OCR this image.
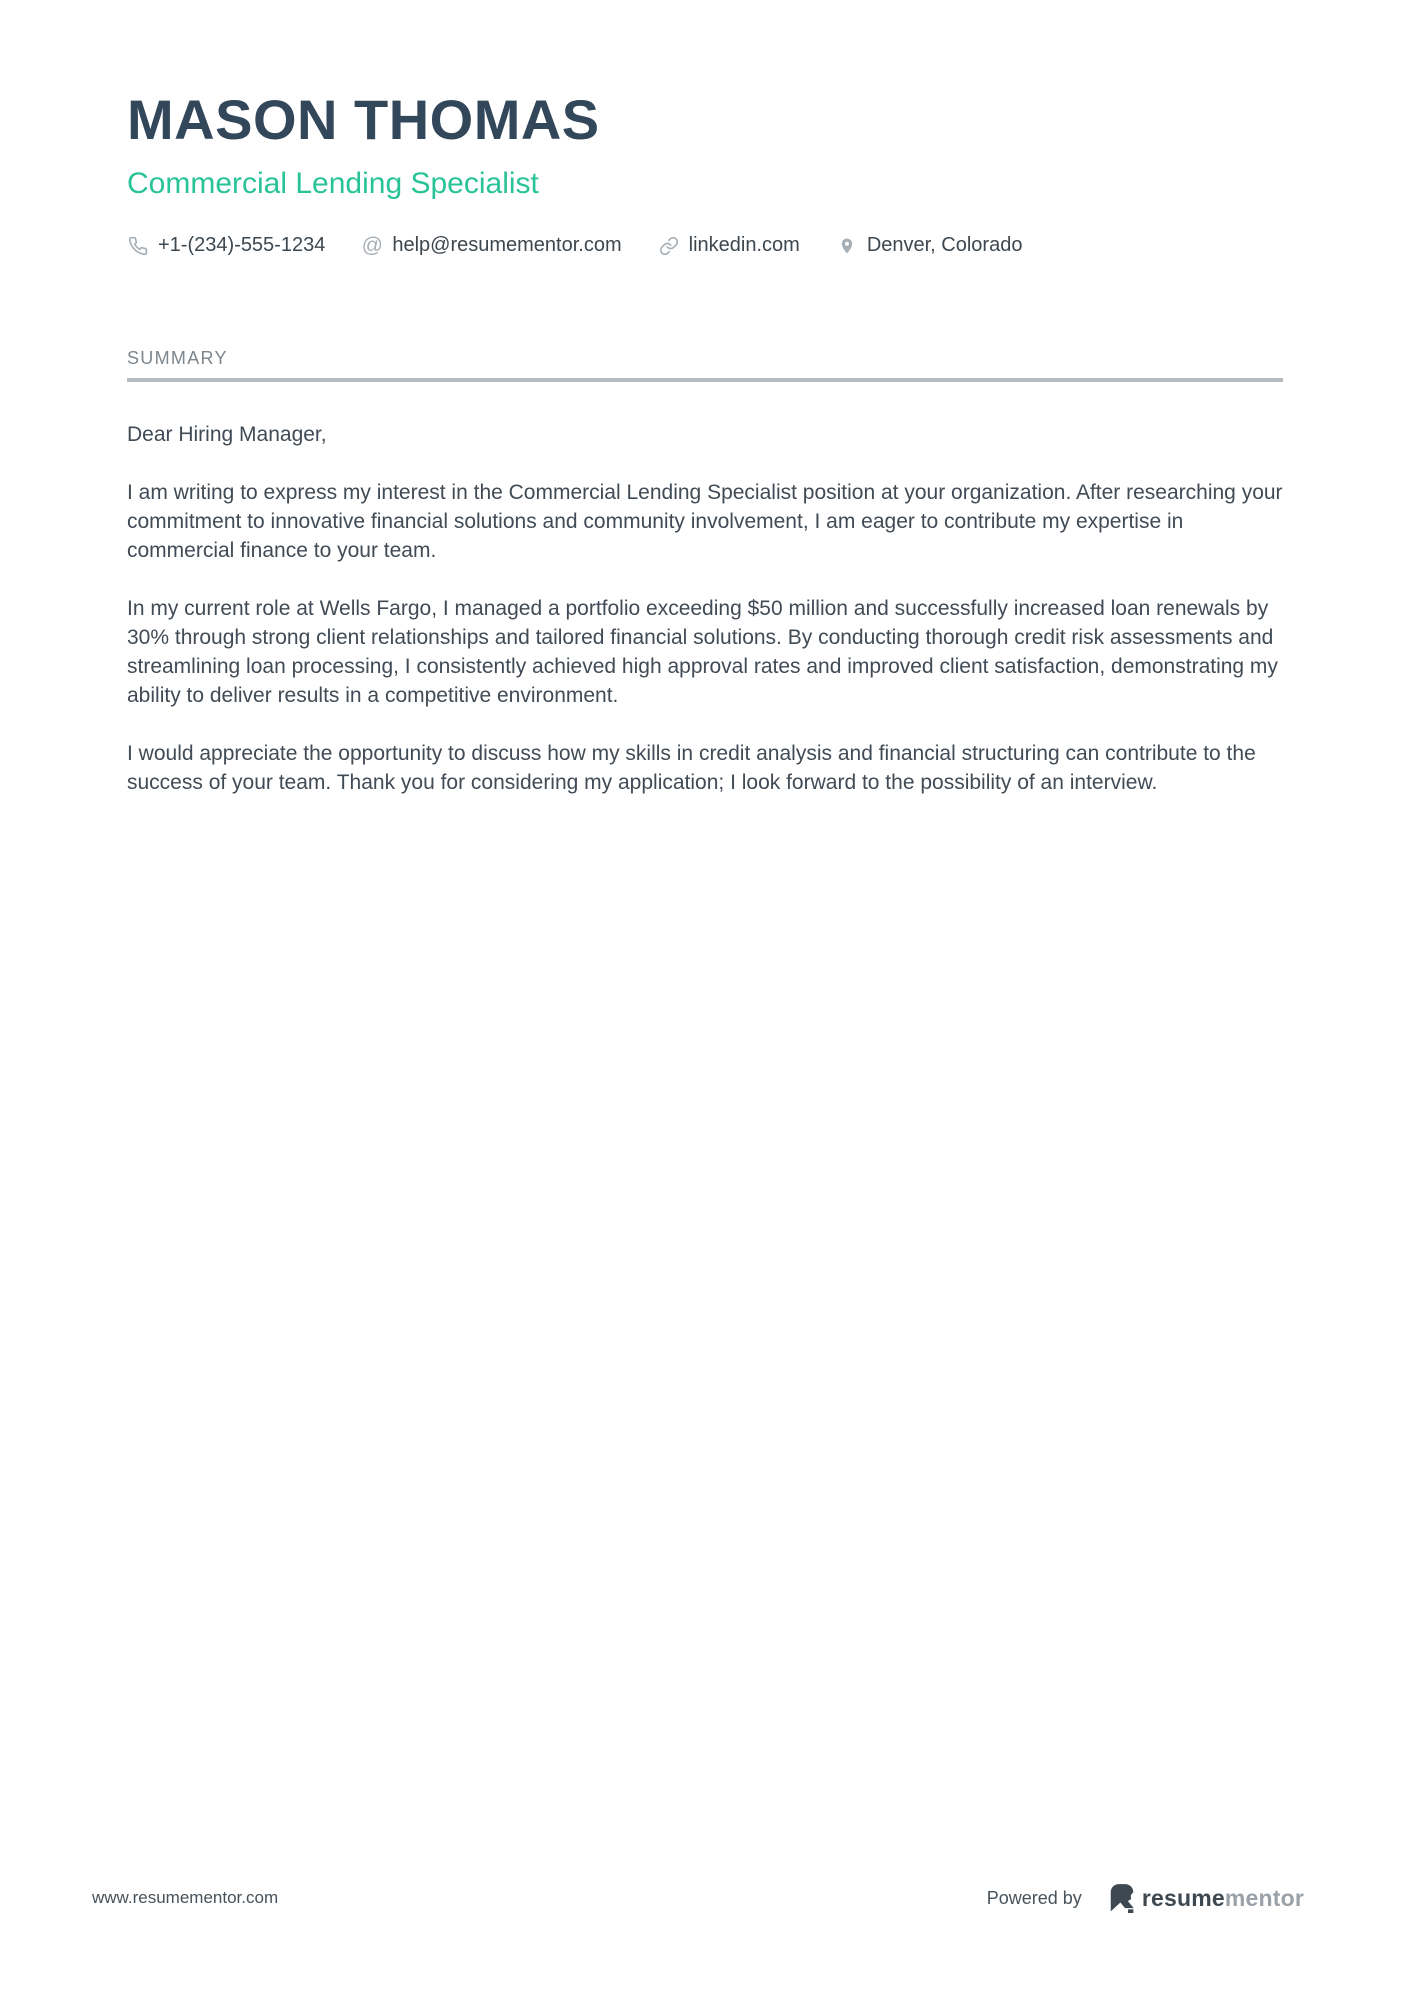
MASON THOMAS
Commercial Lending Specialist
+1-(234)-555-1234 @ help@resumementor.com	linkedin.com	Denver, Colorado
SUMMARY

Dear Hiring Manager,

I am writing to express my interest in the Commercial Lending Specialist position at your organization. After researching your commitment to innovative financial solutions and community involvement, I am eager to contribute my expertise in commercial finance to your team.

In my current role at Wells Fargo, I managed a portfolio exceeding $50 million and successfully increased loan renewals by 30% through strong client relationships and tailored financial solutions. By conducting thorough credit risk assessments and streamlining loan processing, I consistently achieved high approval rates and improved client satisfaction, demonstrating my ability to deliver results in a competitive environment.

I would appreciate the opportunity to discuss how my skills in credit analysis and financial structuring can contribute to the success of your team. Thank you for considering my application; I look forward to the possibility of an interview.

www.resumementor.com	Powered by	resumementor
